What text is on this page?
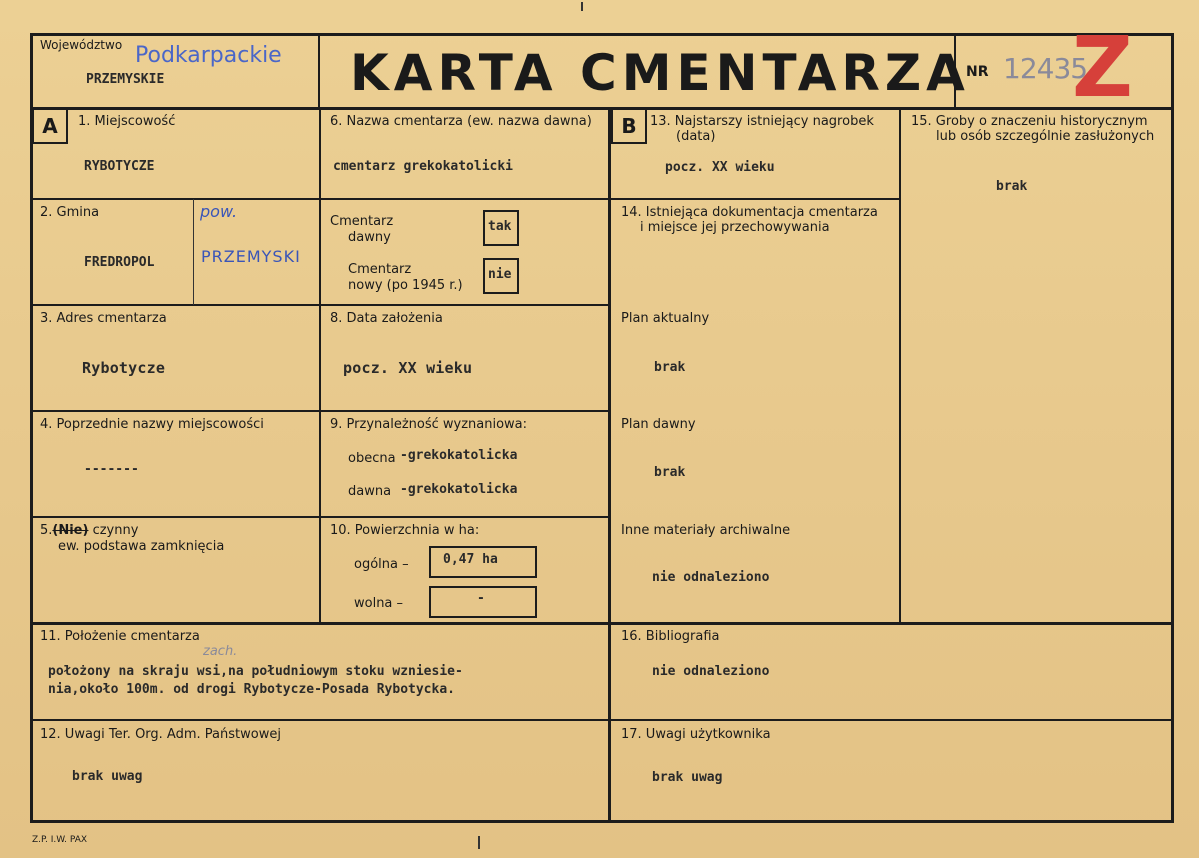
Województwo Podkarpackie
PRZEMYSKIE	KARTA CMENTARZA
NR 12435
Z
A	1. Miejscowość
RYBOTYCZE
2. Gmina
FREDROPOL
pow.
PRZEMYSKI
3. Adres cmentarza
Rybotycze
4. Poprzednie nazwy miejscowości
-------
5.(Nie) czynny
ew. podstawa zamknięcia
6. Nazwa cmentarza (ew. nazwa dawna)
cmentarz grekokatolicki
Cmentarz
dawny
tak
Cmentarz
nowy (po 1945 r.)
nie
8. Data założenia
pocz. XX wieku
9. Przynależność wyznaniowa:
obecna -grekokatolicka
dawna -grekokatolicka
10. Powierzchnia w ha:
ogólna –	0,47 ha
wolna –	-
B	13. Najstarszy istniejący nagrobek
(data)
pocz. XX wieku
14. Istniejąca dokumentacja cmentarza
i miejsce jej przechowywania
Plan aktualny
brak
Plan dawny
brak
Inne materiały archiwalne
nie odnaleziono
15. Groby o znaczeniu historycznym
lub osób szczególnie zasłużonych
brak
11. Położenie cmentarza
zach.
położony na skraju wsi,na południowym stoku wzniesie-
nia,około 100m. od drogi Rybotycze-Posada Rybotycka.
16. Bibliografia
nie odnaleziono
12. Uwagi Ter. Org. Adm. Państwowej
brak uwag
17. Uwagi użytkownika
brak uwag
Z.P. I.W. PAX
